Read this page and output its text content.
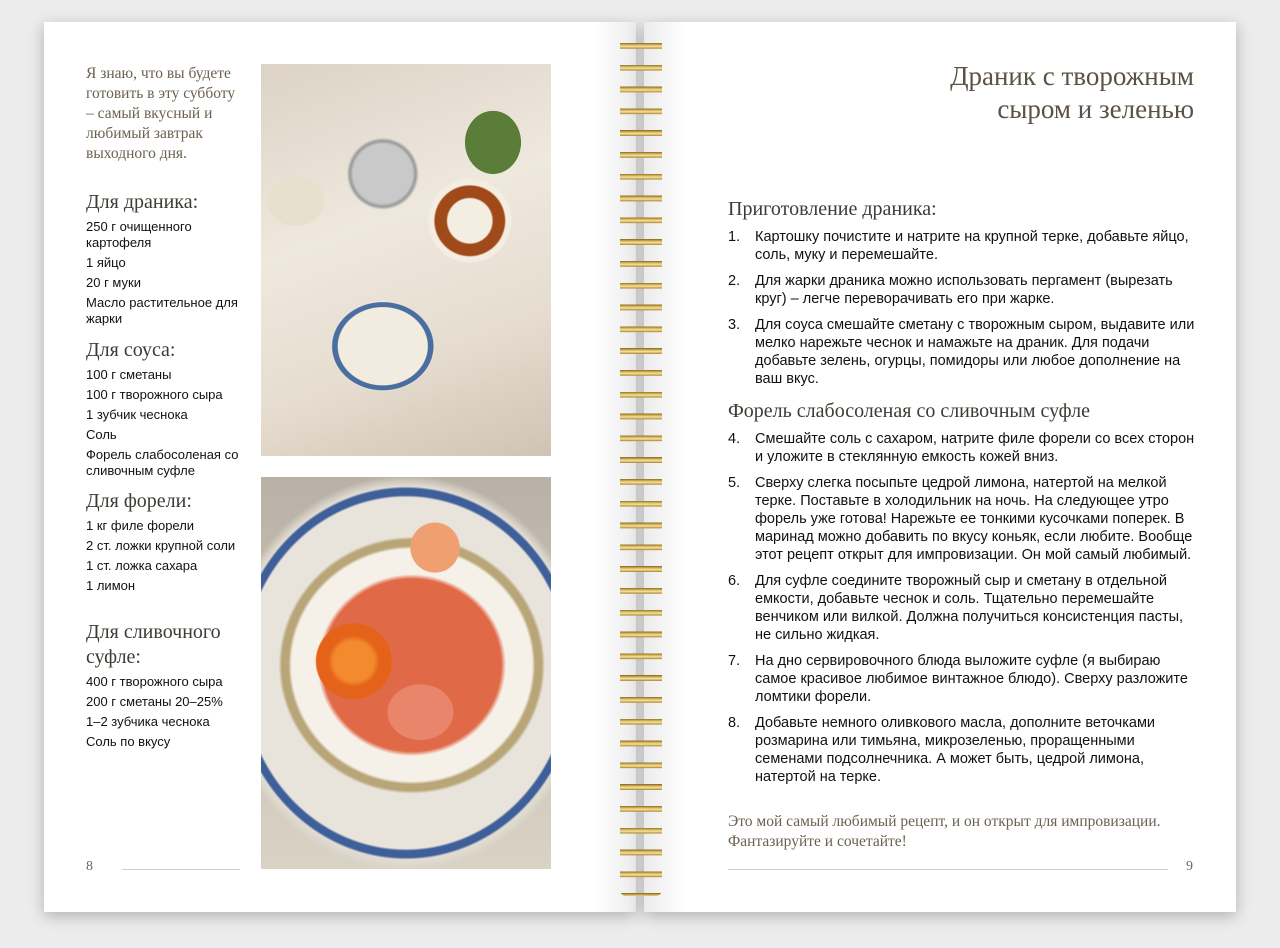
Я знаю, что вы будете готовить в эту субботу – самый вкусный и любимый завтрак выходного дня.

Для драника:

250 г очищенного картофеля

1 яйцо

20 г муки

Масло растительное для жарки

Для соуса:

100 г сметаны

100 г творожного сыра

1 зубчик чеснока

Соль

Форель слабосоленая со сливочным суфле

Для форели:

1 кг филе форели

2 ст. ложки крупной соли

1 ст. ложка сахара

1 лимон

Для сливочного суфле:

400 г творожного сыра

200 г сметаны 20–25%

1–2 зубчика чеснока

Соль по вкусу

8
Драник с творожным
сыром и зеленью
Приготовление драника:
1. Картошку почистите и натрите на крупной терке, добавьте яйцо, соль, муку и перемешайте.
2. Для жарки драника можно использовать пергамент (вырезать круг) – легче переворачивать его при жарке.
3. Для соуса смешайте сметану с творожным сыром, выдавите или мелко нарежьте чеснок и намажьте на драник. Для подачи добавьте зелень, огурцы, помидоры или любое дополнение на ваш вкус.
Форель слабосоленая со сливочным суфле
4. Смешайте соль с сахаром, натрите филе форели со всех сторон и уложите в стеклянную емкость кожей вниз.
5. Сверху слегка посыпьте цедрой лимона, натертой на мелкой терке. Поставьте в холодильник на ночь. На следующее утро форель уже готова! Нарежьте ее тонкими кусочками поперек. В маринад можно добавить по вкусу коньяк, если любите. Вообще этот рецепт открыт для импровизации. Он мой самый любимый.
6. Для суфле соедините творожный сыр и сметану в отдельной емкости, добавьте чеснок и соль. Тщательно перемешайте венчиком или вилкой. Должна получиться консистенция пасты, не сильно жидкая.
7. На дно сервировочного блюда выложите суфле (я выбираю самое красивое любимое винтажное блюдо). Сверху разложите ломтики форели.
8. Добавьте немного оливкового масла, дополните веточками розмарина или тимьяна, микрозеленью, проращенными семенами подсолнечника. А может быть, цедрой лимона, натертой на терке.

Это мой самый любимый рецепт, и он открыт для импровизации. Фантазируйте и сочетайте!

9
